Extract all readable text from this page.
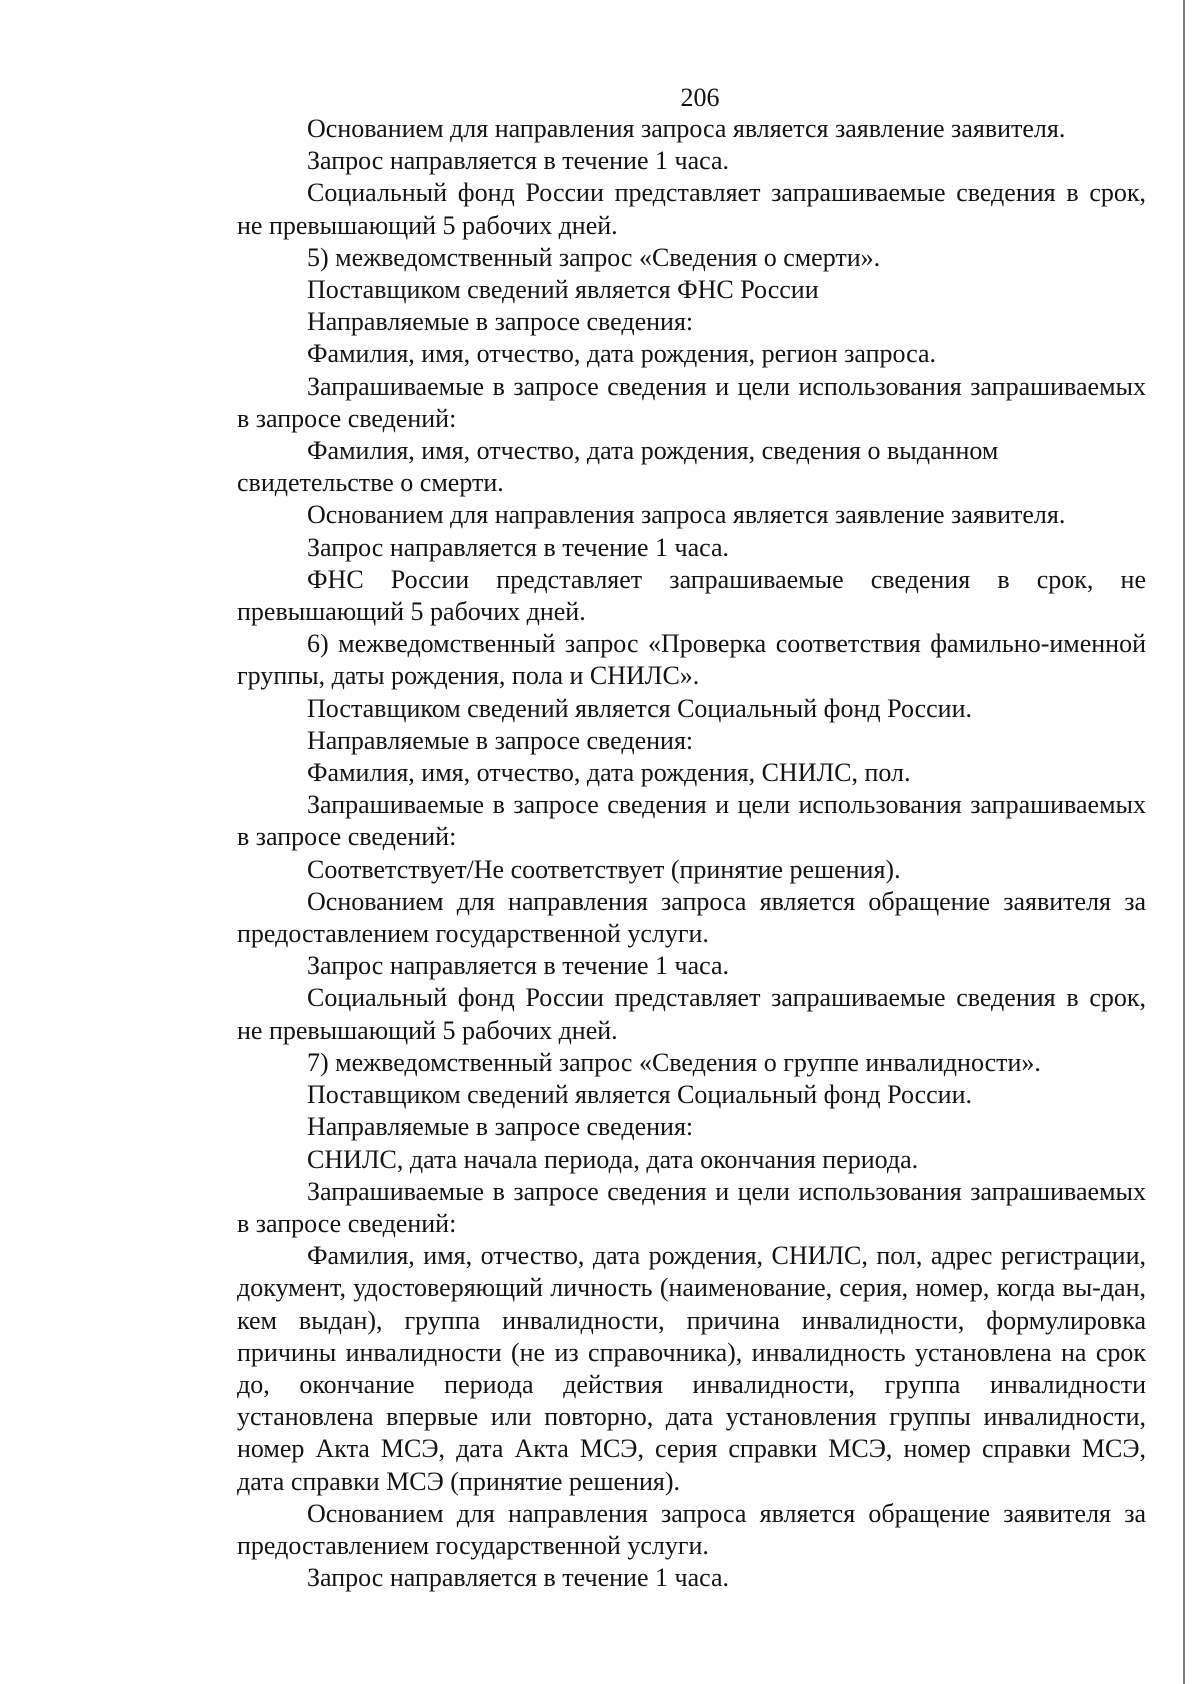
206

Основанием для направления запроса является заявление заявителя.

Запрос направляется в течение 1 часа.

Социальный фонд России представляет запрашиваемые сведения в срок, не превышающий 5 рабочих дней.

5) межведомственный запрос «Сведения о смерти».

Поставщиком сведений является ФНС России

Направляемые в запросе сведения:

Фамилия, имя, отчество, дата рождения, регион запроса.

Запрашиваемые в запросе сведения и цели использования запрашиваемых в запросе сведений:

Фамилия, имя, отчество, дата рождения, сведения о выданном свидетельстве о смерти.

Основанием для направления запроса является заявление заявителя.

Запрос направляется в течение 1 часа.

ФНС России представляет запрашиваемые сведения в срок, не превышающий 5 рабочих дней.

6) межведомственный запрос «Проверка соответствия фамильно-именной группы, даты рождения, пола и СНИЛС».

Поставщиком сведений является Социальный фонд России.

Направляемые в запросе сведения:

Фамилия, имя, отчество, дата рождения, СНИЛС, пол.

Запрашиваемые в запросе сведения и цели использования запрашиваемых в запросе сведений:

Соответствует/Не соответствует (принятие решения).

Основанием для направления запроса является обращение заявителя за предоставлением государственной услуги.

Запрос направляется в течение 1 часа.

Социальный фонд России представляет запрашиваемые сведения в срок, не превышающий 5 рабочих дней.

7) межведомственный запрос «Сведения о группе инвалидности».

Поставщиком сведений является Социальный фонд России.

Направляемые в запросе сведения:

СНИЛС, дата начала периода, дата окончания периода.

Запрашиваемые в запросе сведения и цели использования запрашиваемых в запросе сведений:

Фамилия, имя, отчество, дата рождения, СНИЛС, пол, адрес регистрации, документ, удостоверяющий личность (наименование, серия, номер, когда вы-дан, кем выдан), группа инвалидности, причина инвалидности, формулировка причины инвалидности (не из справочника), инвалидность установлена на срок до, окончание периода действия инвалидности, группа инвалидности установлена впервые или повторно, дата установления группы инвалидности, номер Акта МСЭ, дата Акта МСЭ, серия справки МСЭ, номер справки МСЭ, дата справки МСЭ (принятие решения).

Основанием для направления запроса является обращение заявителя за предоставлением государственной услуги.

Запрос направляется в течение 1 часа.
